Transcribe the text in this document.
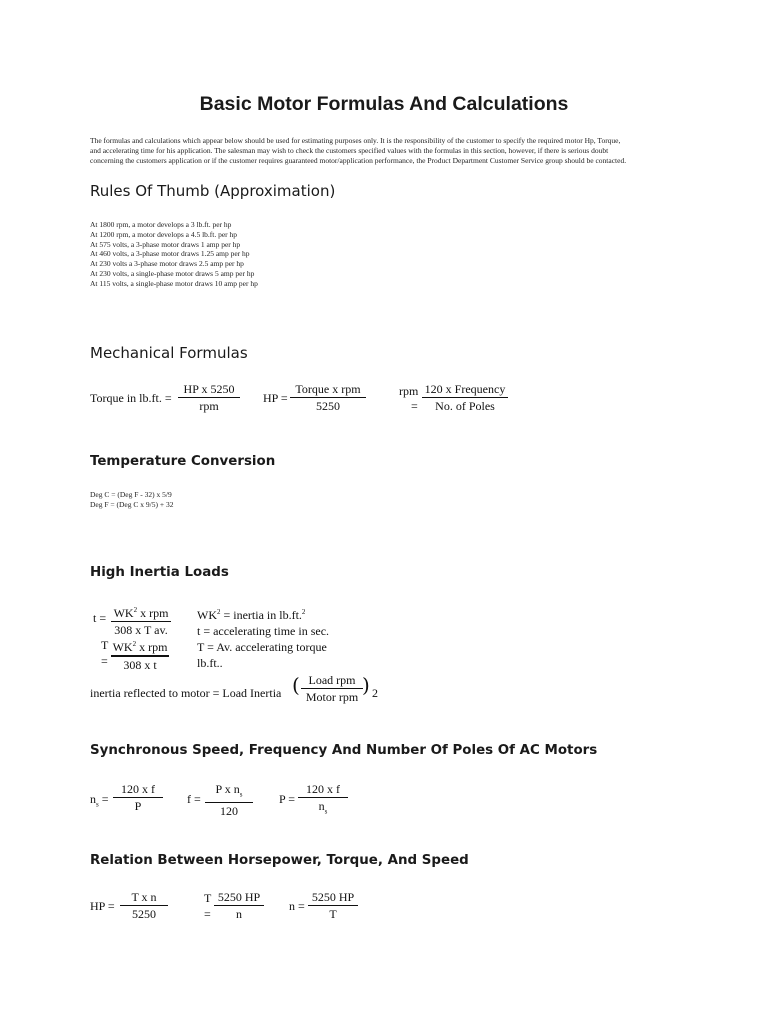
Basic Motor Formulas And Calculations
The formulas and calculations which appear below should be used for estimating purposes only. It is the responsibility of the customer to specify the required motor Hp, Torque,
and accelerating time for his application. The salesman may wish to check the customers specified values with the formulas in this section, however, if there is serious doubt
concerning the customers application or if the customer requires guaranteed motor/application performance, the Product Department Customer Service group should be contacted.
Rules Of Thumb (Approximation)
At 1800 rpm, a motor develops a 3 lb.ft. per hp
At 1200 rpm, a motor develops a 4.5 lb.ft. per hp
At 575 volts, a 3-phase motor draws 1 amp per hp
At 460 volts, a 3-phase motor draws 1.25 amp per hp
At 230 volts a 3-phase motor draws 2.5 amp per hp
At 230 volts, a single-phase motor draws 5 amp per hp
At 115 volts, a single-phase motor draws 10 amp per hp
Mechanical Formulas
Torque in lb.ft. =
HP x 5250
rpm
HP =
Torque x rpm
5250
rpm
=
120 x Frequency
No. of Poles
Temperature Conversion
Deg C = (Deg F - 32) x 5/9
Deg F = (Deg C x 9/5) + 32
High Inertia Loads
$t = WK^2$ x rpm
308 x T av.
T
=
$WK^2$ x rpm
308 x t
$WK^2$ = inertia in lb.ft.$^2$
t = accelerating time in sec.
T = Av. accelerating torque
lb.ft..
inertia reflected to motor = Load Inertia ( Load rpm
Motor rpm ) 2
Synchronous Speed, Frequency And Number Of Poles Of AC Motors
$n_s$ =
120 x f
P	f =
P x $n_s$
120
P =
120 x f
$n_s$
Relation Between Horsepower, Torque, And Speed
HP =
T x n
5250
T
=
5250 HP
n
n =
5250 HP
T
